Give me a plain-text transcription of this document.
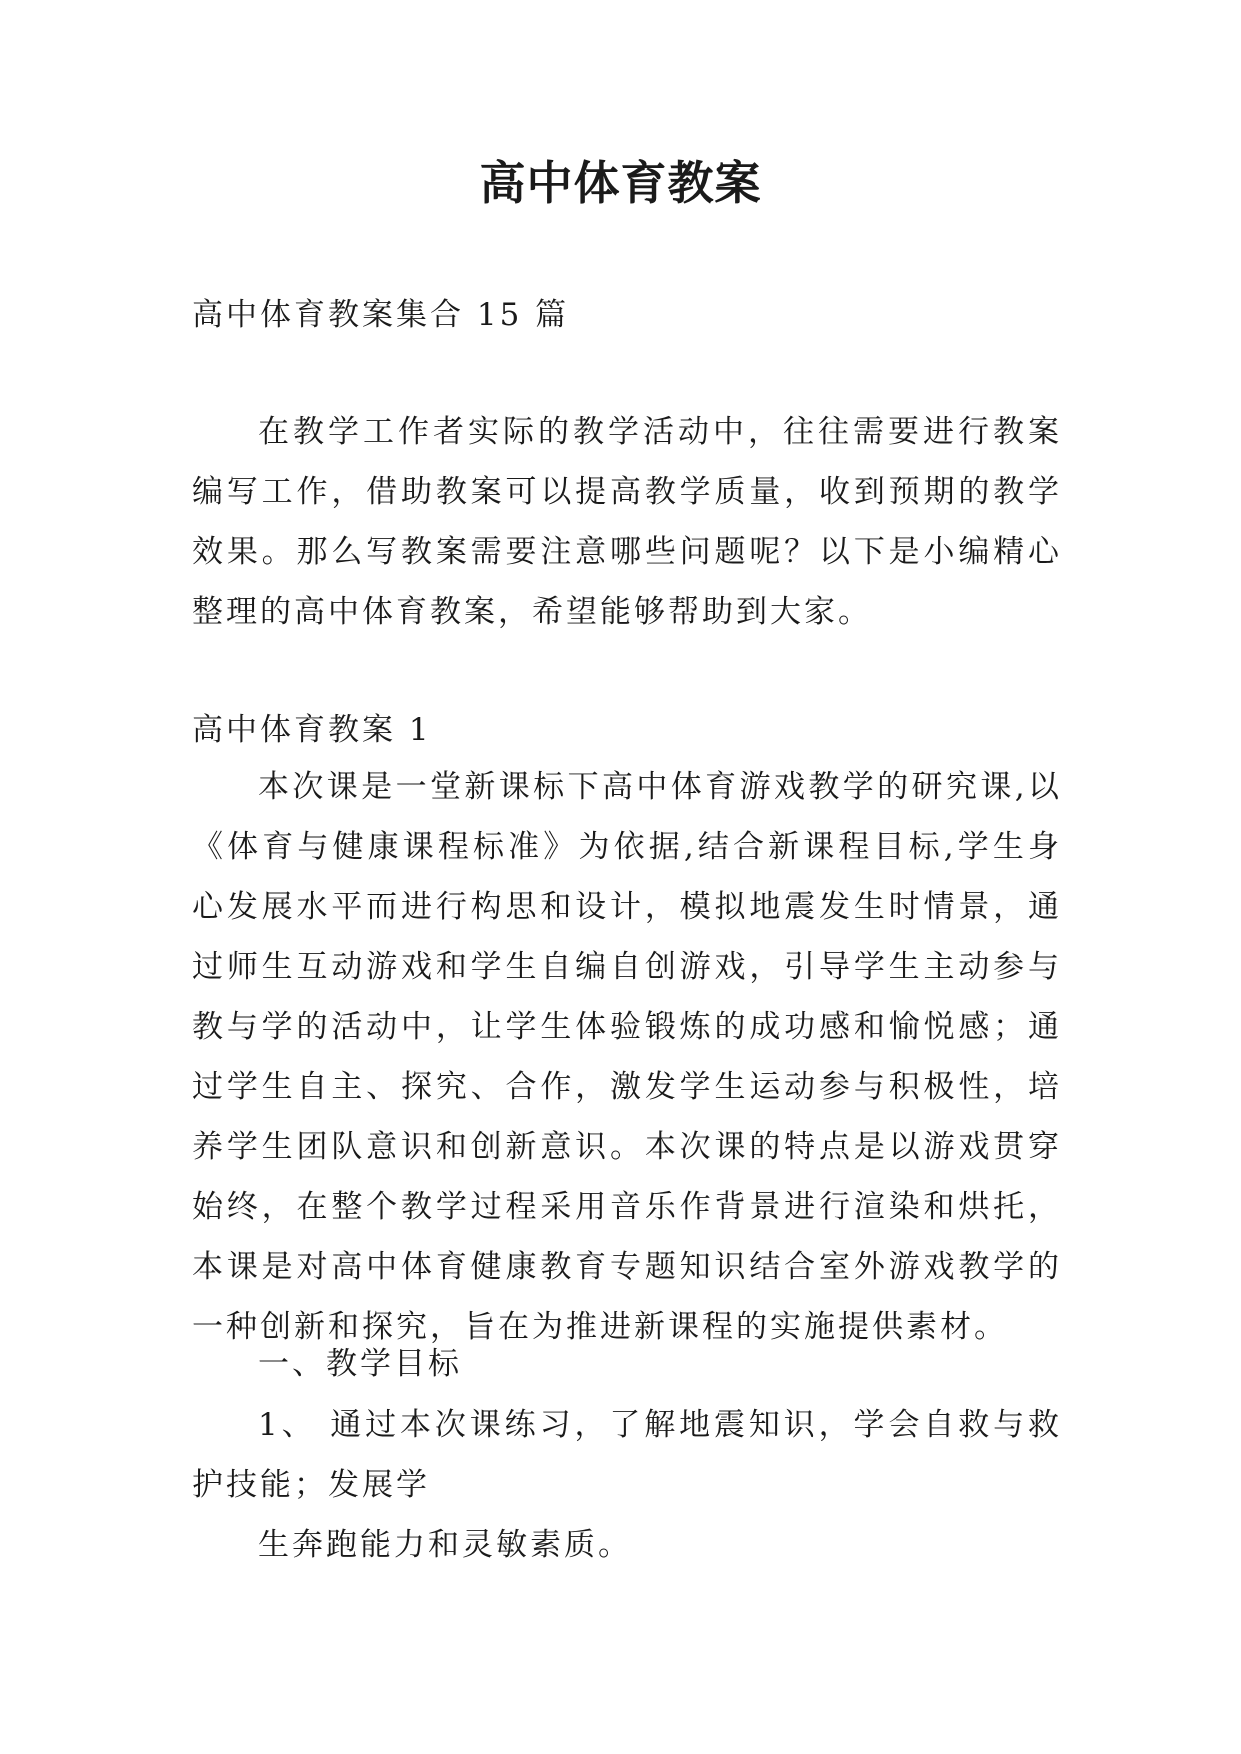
高中体育教案
高中体育教案集合 15 篇
在教学工作者实际的教学活动中，往往需要进行教案编写工作，借助教案可以提高教学质量，收到预期的教学效果。那么写教案需要注意哪些问题呢？以下是小编精心整理的高中体育教案，希望能够帮助到大家。
高中体育教案 1
本次课是一堂新课标下高中体育游戏教学的研究课,以《体育与健康课程标准》为依据,结合新课程目标,学生身心发展水平而进行构思和设计，模拟地震发生时情景，通过师生互动游戏和学生自编自创游戏，引导学生主动参与教与学的活动中，让学生体验锻炼的成功感和愉悦感；通过学生自主、探究、合作，激发学生运动参与积极性，培养学生团队意识和创新意识。本次课的特点是以游戏贯穿始终，在整个教学过程采用音乐作背景进行渲染和烘托，本课是对高中体育健康教育专题知识结合室外游戏教学的一种创新和探究，旨在为推进新课程的实施提供素材。
一、教学目标
1、 通过本次课练习，了解地震知识，学会自救与救护技能；发展学
生奔跑能力和灵敏素质。
